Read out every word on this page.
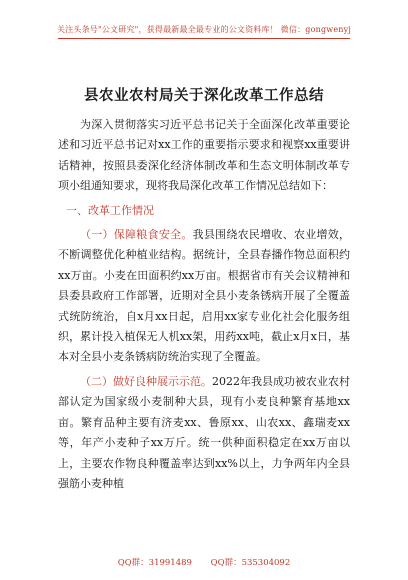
关注头条号"公文研究"，获得最新最全最专业的公文资料库！ 微信：gongwenyj
县农业农村局关于深化改革工作总结

为深入贯彻落实习近平总书记关于全面深化改革重要论述和习近平总书记对xx工作的重要指示要求和视察xx重要讲话精神，按照县委深化经济体制改革和生态文明体制改革专项小组通知要求，现将我局深化改革工作情况总结如下：

一、改革工作情况

（一）保障粮食安全。我县围绕农民增收、农业增效，不断调整优化种植业结构。据统计，全县春播作物总面积约xx万亩。小麦在田面积约xx万亩。根据省市有关会议精神和县委县政府工作部署，近期对全县小麦条锈病开展了全覆盖式统防统治，自x月xx日起，启用xx家专业化社会化服务组织，累计投入植保无人机xx架，用药xx吨，截止x月x日，基本对全县小麦条锈病防统治实现了全覆盖。

（二）做好良种展示示范。2022年我县成功被农业农村部认定为国家级小麦制种大县，现有小麦良种繁育基地xx亩。繁育品种主要有济麦xx、鲁原xx、山农xx、鑫瑞麦xx等，年产小麦种子xx万斤。统一供种面积稳定在xx万亩以上，主要农作物良种覆盖率达到xx%以上，力争两年内全县强筋小麦种植

QQ群：31991489 QQ群：535304092
